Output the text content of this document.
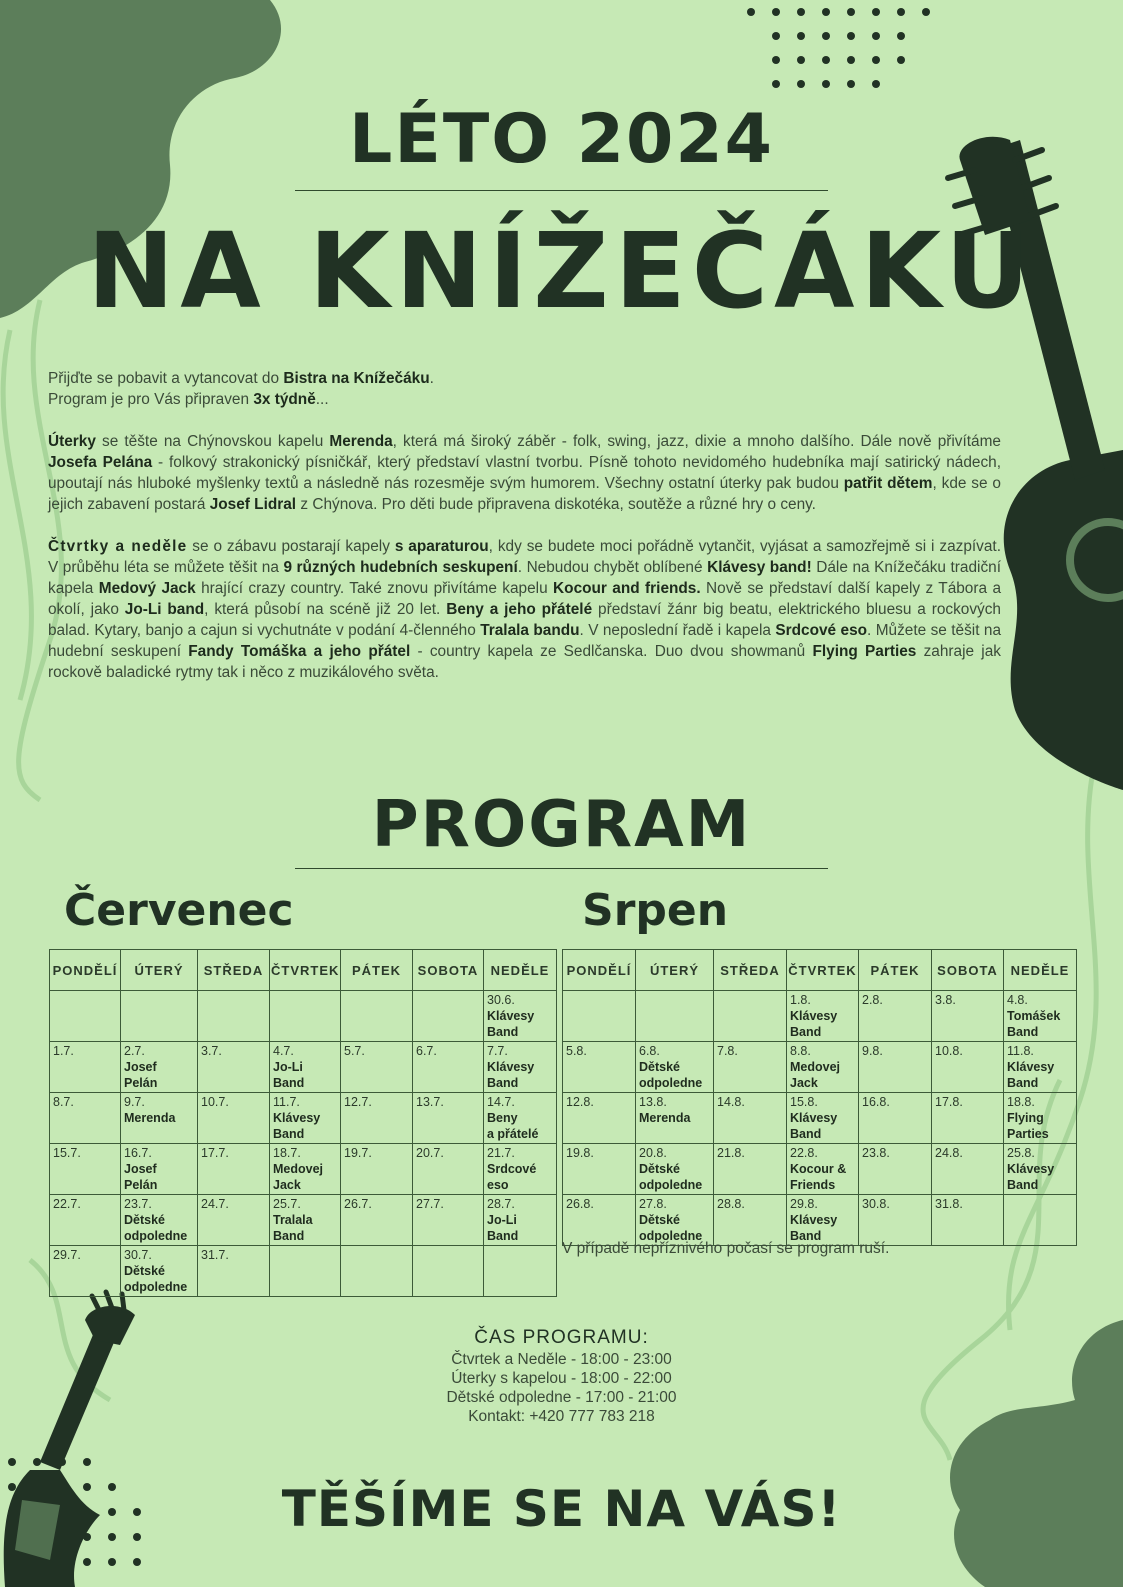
LÉTO 2024
NA KNÍŽEČÁKU

Přijďte se pobavit a vytancovat do Bistra na Knížečáku.
Program je pro Vás připraven 3x týdně...

Úterky se těšte na Chýnovskou kapelu Merenda, která má široký záběr - folk, swing, jazz, dixie a mnoho dalšího. Dále nově přivítáme Josefa Pelána - folkový strakonický písničkář, který představí vlastní tvorbu. Písně tohoto nevidomého hudebníka mají satirický nádech, upoutají nás hluboké myšlenky textů a následně nás rozesměje svým humorem. Všechny ostatní úterky pak budou patřit dětem, kde se o jejich zabavení postará Josef Lidral z Chýnova. Pro děti bude připravena diskotéka, soutěže a různé hry o ceny.

Čtvrtky a neděle se o zábavu postarají kapely s aparaturou, kdy se budete moci pořádně vytančit, vyjásat a samozřejmě si i zazpívat. V průběhu léta se můžete těšit na 9 různých hudebních seskupení. Nebudou chybět oblíbené Klávesy band! Dále na Knížečáku tradiční kapela Medový Jack hrající crazy country. Také znovu přivítáme kapelu Kocour and friends. Nově se představí další kapely z Tábora a okolí, jako Jo-Li band, která působí na scéně již 20 let. Beny a jeho přátelé představí žánr big beatu, elektrického bluesu a rockových balad. Kytary, banjo a cajun si vychutnáte v podání 4-členného Tralala bandu. V neposlední řadě i kapela Srdcové eso. Můžete se těšit na hudební seskupení Fandy Tomáška a jeho přátel - country kapela ze Sedlčanska. Duo dvou showmanů Flying Parties zahraje jak rockově baladické rytmy tak i něco z muzikálového světa.

PROGRAM
Červenec	Srpen
PONDĚLÍ	ÚTERÝ	STŘEDA	ČTVRTEK	PÁTEK	SOBOTA	NEDĚLE

						30.6.
Klávesy
Band

1.7.	2.7.
Josef
Pelán	3.7.	4.7.
Jo-Li
Band	5.7.	6.7.	7.7.
Klávesy
Band

8.7.	9.7.
Merenda	10.7.	11.7.
Klávesy
Band	12.7.	13.7.	14.7.
Beny
a přátelé

15.7.	16.7.
Josef
Pelán	17.7.	18.7.
Medovej
Jack	19.7.	20.7.	21.7.
Srdcové
eso

22.7.	23.7.
Dětské
odpoledne	24.7.	25.7.
Tralala
Band	26.7.	27.7.	28.7.
Jo-Li
Band

29.7.	30.7.
Dětské
odpoledne	31.7.				

PONDĚLÍ	ÚTERÝ	STŘEDA	ČTVRTEK	PÁTEK	SOBOTA	NEDĚLE

			1.8.
Klávesy
Band	2.8.	3.8.	4.8.
Tomášek
Band

5.8.	6.8.
Dětské
odpoledne	7.8.	8.8.
Medovej
Jack	9.8.	10.8.	11.8.
Klávesy
Band

12.8.	13.8.
Merenda	14.8.	15.8.
Klávesy
Band	16.8.	17.8.	18.8.
Flying
Parties

19.8.	20.8.
Dětské
odpoledne	21.8.	22.8.
Kocour &
Friends	23.8.	24.8.	25.8.
Klávesy
Band

26.8.	27.8.
Dětské
odpoledne	28.8.	29.8.
Klávesy
Band	30.8.	31.8.	

V případě nepříznivého počasí se program ruší.
ČAS PROGRAMU:
Čtvrtek a Neděle - 18:00 - 23:00
Úterky s kapelou - 18:00 - 22:00
Dětské odpoledne - 17:00 - 21:00
Kontakt: +420 777 783 218
TĚŠÍME SE NA VÁS!
